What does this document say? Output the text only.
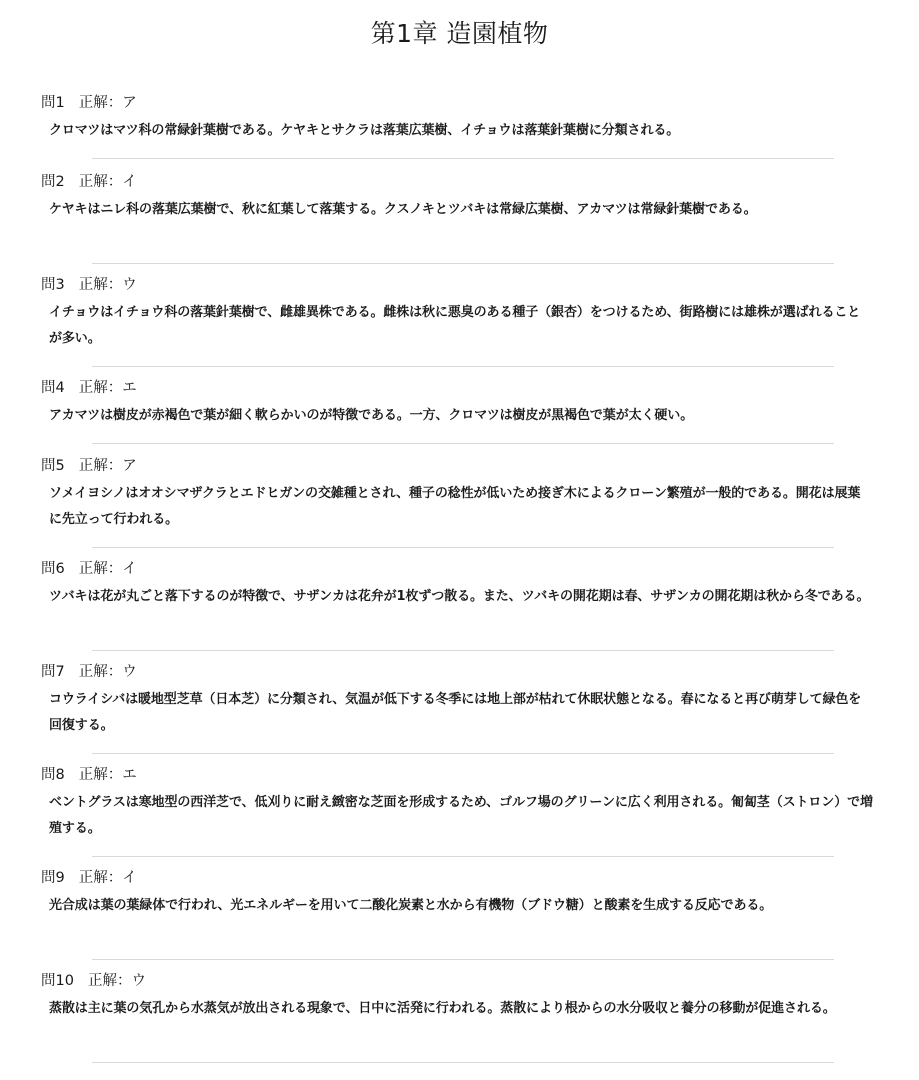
第1章 造園植物
問1 正解：ア
クロマツはマツ科の常緑針葉樹である。ケヤキとサクラは落葉広葉樹、イチョウは落葉針葉樹に分類される。
問2 正解：イ
ケヤキはニレ科の落葉広葉樹で、秋に紅葉して落葉する。クスノキとツバキは常緑広葉樹、アカマツは常緑針葉樹である。
問3 正解：ウ
イチョウはイチョウ科の落葉針葉樹で、雌雄異株である。雌株は秋に悪臭のある種子（銀杏）をつけるため、街路樹には雄株が選ばれることが多い。
問4 正解：エ
アカマツは樹皮が赤褐色で葉が細く軟らかいのが特徴である。一方、クロマツは樹皮が黒褐色で葉が太く硬い。
問5 正解：ア
ソメイヨシノはオオシマザクラとエドヒガンの交雑種とされ、種子の稔性が低いため接ぎ木によるクローン繁殖が一般的である。開花は展葉に先立って行われる。
問6 正解：イ
ツバキは花が丸ごと落下するのが特徴で、サザンカは花弁が1枚ずつ散る。また、ツバキの開花期は春、サザンカの開花期は秋から冬である。
問7 正解：ウ
コウライシバは暖地型芝草（日本芝）に分類され、気温が低下する冬季には地上部が枯れて休眠状態となる。春になると再び萌芽して緑色を回復する。
問8 正解：エ
ベントグラスは寒地型の西洋芝で、低刈りに耐え緻密な芝面を形成するため、ゴルフ場のグリーンに広く利用される。匍匐茎（ストロン）で増殖する。
問9 正解：イ
光合成は葉の葉緑体で行われ、光エネルギーを用いて二酸化炭素と水から有機物（ブドウ糖）と酸素を生成する反応である。
問10 正解：ウ
蒸散は主に葉の気孔から水蒸気が放出される現象で、日中に活発に行われる。蒸散により根からの水分吸収と養分の移動が促進される。
